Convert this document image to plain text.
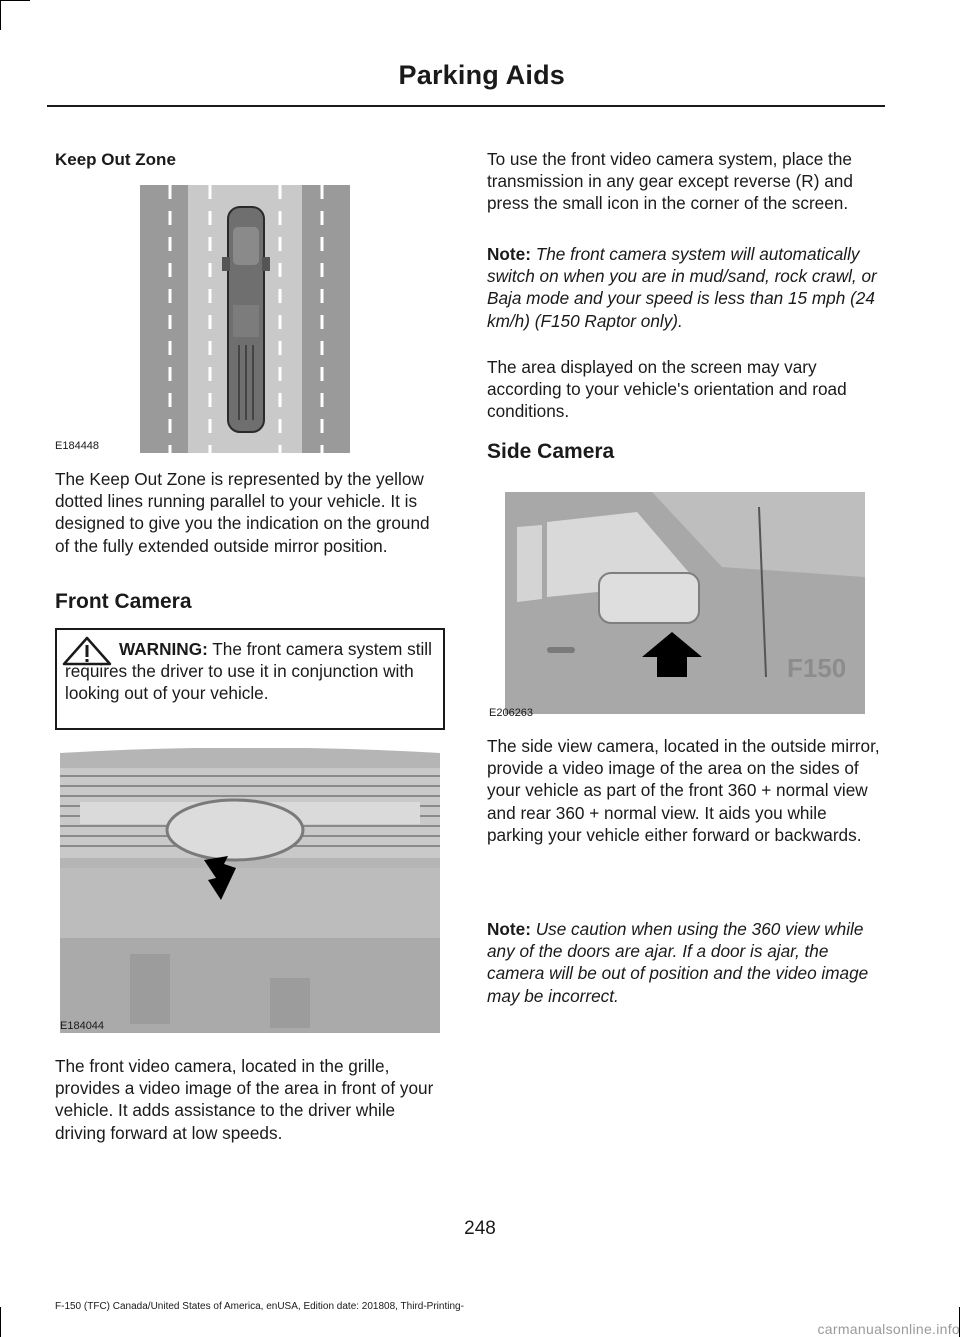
Parking Aids
Keep Out Zone
E184448

The Keep Out Zone is represented by the yellow dotted lines running parallel to your vehicle. It is designed to give you the indication on the ground of the fully extended outside mirror position.

Front Camera
WARNING: The front camera system still requires the driver to use it in conjunction with looking out of your vehicle.
E184044

The front video camera, located in the grille, provides a video image of the area in front of your vehicle. It adds assistance to the driver while driving forward at low speeds.

To use the front video camera system, place the transmission in any gear except reverse (R) and press the small icon in the corner of the screen.

Note: The front camera system will automatically switch on when you are in mud/sand, rock crawl, or Baja mode and your speed is less than 15 mph (24 km/h) (F150 Raptor only).

The area displayed on the screen may vary according to your vehicle's orientation and road conditions.

Side Camera
F150
E206263

The side view camera, located in the outside mirror, provide a video image of the area on the sides of your vehicle as part of the front 360 + normal view and rear 360 + normal view. It aids you while parking your vehicle either forward or backwards.

Note: Use caution when using the 360 view while any of the doors are ajar. If a door is ajar, the camera will be out of position and the video image may be incorrect.

248
F-150 (TFC) Canada/United States of America, enUSA, Edition date: 201808, Third-Printing-
carmanualsonline.info
